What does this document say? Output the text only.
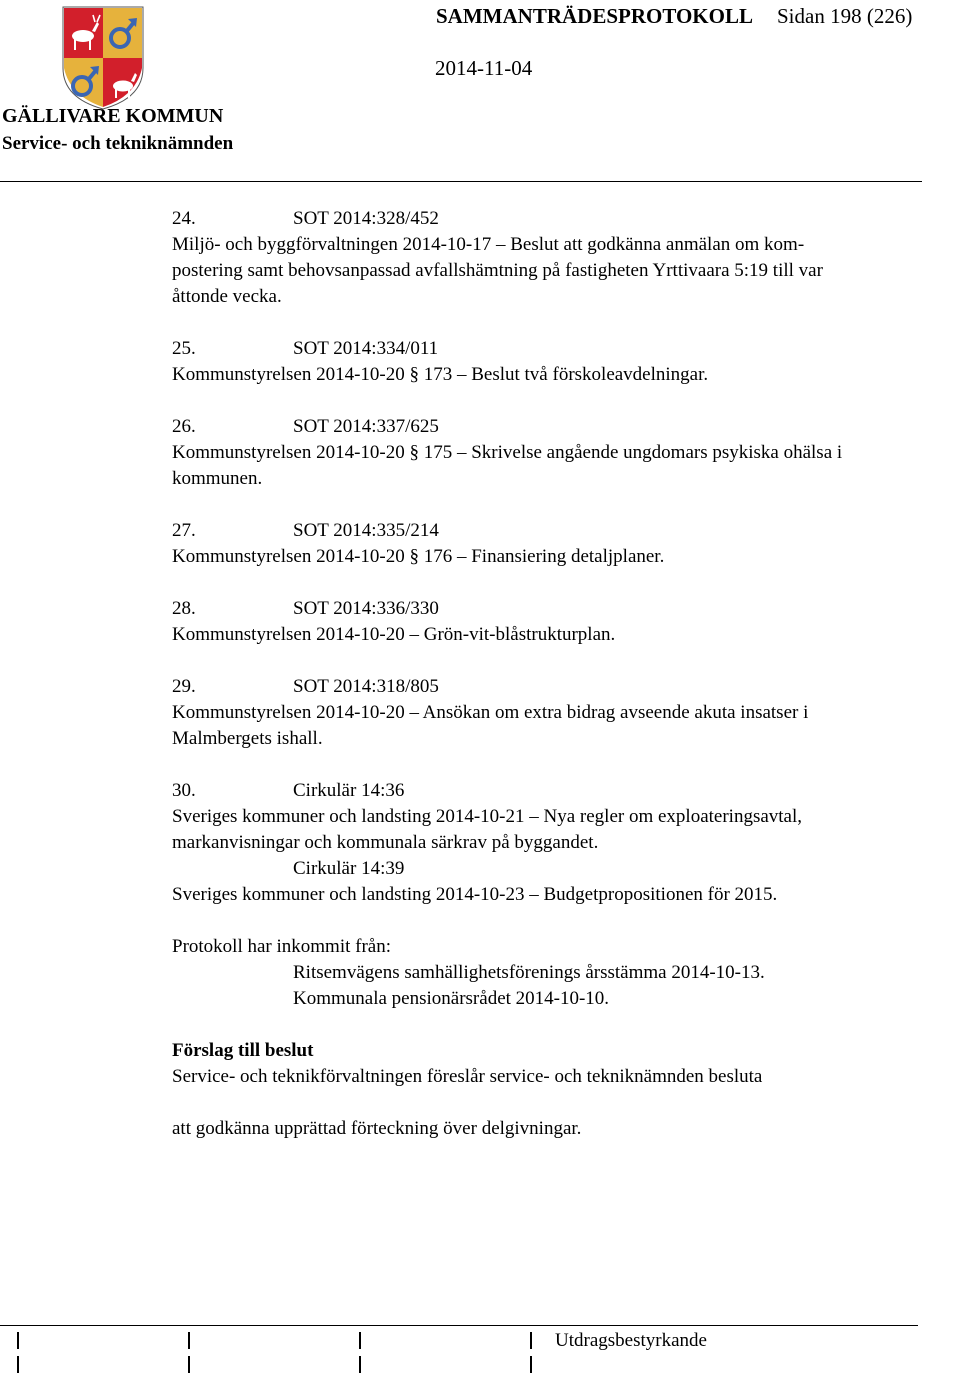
GÄLLIVARE KOMMUN
Service- och tekniknämnden
SAMMANTRÄDESPROTOKOLL Sidan 198 (226)
2014-11-04
24.	SOT 2014:328/452
Miljö- och byggförvaltningen 2014-10-17 – Beslut att godkänna anmälan om kom-
postering samt behovsanpassad avfallshämtning på fastigheten Yrttivaara 5:19 till var
åttonde vecka.
25.	SOT 2014:334/011
Kommunstyrelsen 2014-10-20 § 173 – Beslut två förskoleavdelningar.
26.	SOT 2014:337/625
Kommunstyrelsen 2014-10-20 § 175 – Skrivelse angående ungdomars psykiska ohälsa i
kommunen.
27.	SOT 2014:335/214
Kommunstyrelsen 2014-10-20 § 176 – Finansiering detaljplaner.
28.	SOT 2014:336/330
Kommunstyrelsen 2014-10-20 – Grön-vit-blåstrukturplan.
29.	SOT 2014:318/805
Kommunstyrelsen 2014-10-20 – Ansökan om extra bidrag avseende akuta insatser i
Malmbergets ishall.
30.	Cirkulär 14:36
Sveriges kommuner och landsting 2014-10-21 – Nya regler om exploateringsavtal,
markanvisningar och kommunala särkrav på byggandet.
Cirkulär 14:39
Sveriges kommuner och landsting 2014-10-23 – Budgetpropositionen för 2015.
Protokoll har inkommit från:
Ritsemvägens samhällighetsförenings årsstämma 2014-10-13.
Kommunala pensionärsrådet 2014-10-10.
Förslag till beslut
Service- och teknikförvaltningen föreslår service- och tekniknämnden besluta
att godkänna upprättad förteckning över delgivningar.
Utdragsbestyrkande
